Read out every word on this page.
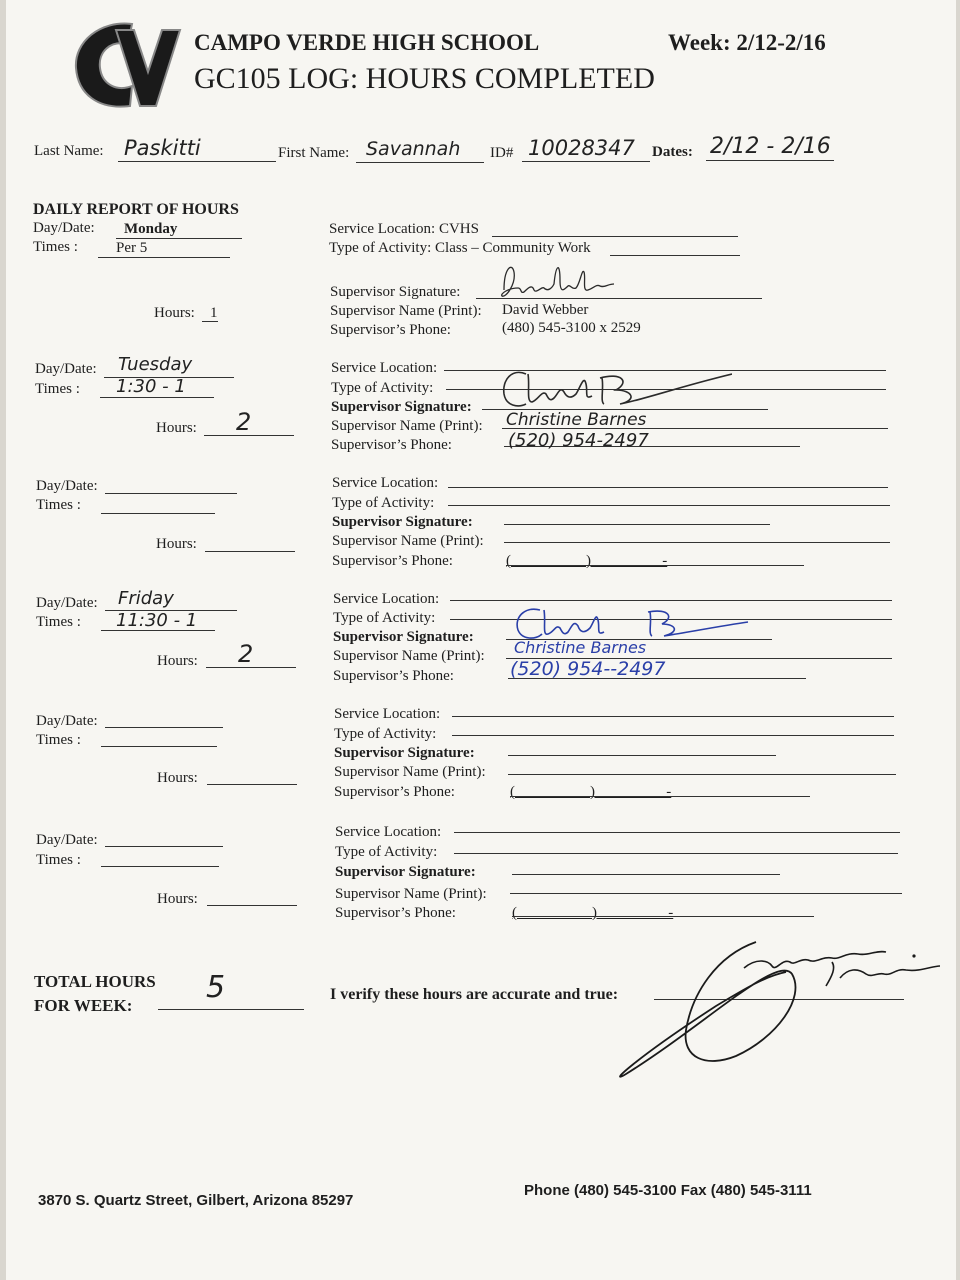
CAMPO VERDE HIGH SCHOOL	Week: 2/12-2/16
GC105 LOG: HOURS COMPLETED
Last Name: Paskitti	First Name: Savannah ID# 10028347 Dates: 2/12 - 2/16
DAILY REPORT OF HOURS
Day/Date: Monday
Times :	Per 5
Hours: 1
Service Location: CVHS
Type of Activity: Class – Community Work
Supervisor Signature:
Supervisor Name (Print): David Webber
Supervisor’s Phone:	(480) 545-3100 x 2529
Day/Date: Tuesday
Times : 1:30 - 1
Hours: 2
Service Location:
Type of Activity:
Supervisor Signature:
Supervisor Name (Print): Christine Barnes
Supervisor’s Phone:	(520) 954-2497
Day/Date:
Times :
Hours:
Service Location:
Type of Activity:
Supervisor Signature:
Supervisor Name (Print):
Supervisor’s Phone:	(                    )                   -
Day/Date: Friday
Times : 11:30 - 1
Hours: 2
Service Location:
Type of Activity:
Supervisor Signature:
Supervisor Name (Print): Christine Barnes
Supervisor’s Phone:	(520) 954--2497
Day/Date:
Times :
Hours:
Service Location:
Type of Activity:
Supervisor Signature:
Supervisor Name (Print):
Supervisor’s Phone:	(                    )                   -
Day/Date:
Times :
Hours:
Service Location:
Type of Activity:
Supervisor Signature:
Supervisor Name (Print):
Supervisor’s Phone:	(                    )                   -
TOTAL HOURS
FOR WEEK:
5	I verify these hours are accurate and true:
3870 S. Quartz Street, Gilbert, Arizona 85297
Phone (480) 545-3100 Fax (480) 545-3111
